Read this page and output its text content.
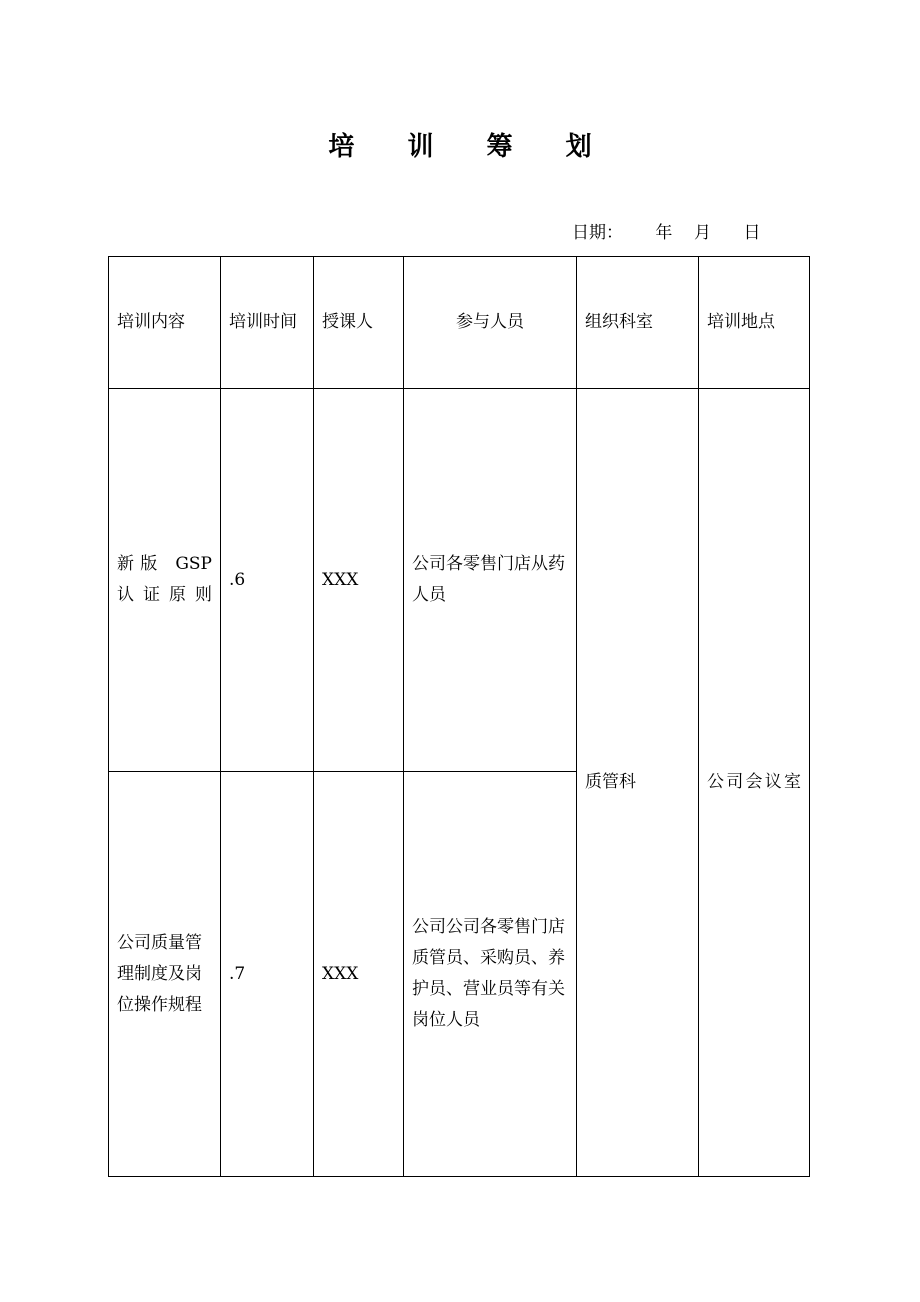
培 训 筹 划
日期：      年    月      日
培训内容	培训时间	授课人	参与人员	组织科室	培训地点

新版 GSP 认证原则	.6	XXX	公司各零售门店从药人员	质管科	公司会议室

公司质量管理制度及岗位操作规程	.7	XXX	公司公司各零售门店质管员、采购员、养护员、营业员等有关岗位人员		
